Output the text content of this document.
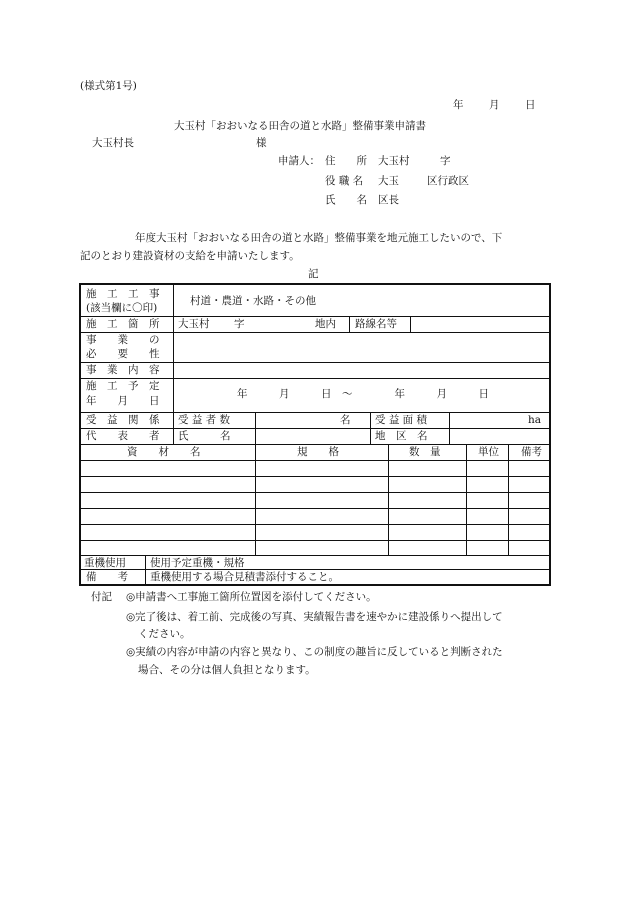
(様式第1号)
年 月 日
大玉村「おおいなる田舎の道と水路」整備事業申請書
大玉村長	様
申請人： 住　　所 大玉村	字
役 職 名 大玉	区行政区
氏　　名 区長
年度大玉村「おおいなる田舎の道と水路」整備事業を地元施工したいので、下
記のとおり建設資材の支給を申請いたします。
記
施　工　工　事
(該当欄に〇印)
村道・農道・水路・その他
施　工　箇　所 大玉村 字	地内 路線名等
事　　業　　の
必　　要　　性
事　業　内　容
施　工　予　定
年　　月　　日
年　　　月　　　日　～　　　　年　　　月　　　日
受　益　関　係 受 益 者 数	名 受 益 面 積	ha
代　　表　　者 氏　　　名	地　区　名
資　　材　　名	規　　格	数　量	単位 備考
重機使用 使用予定重機・規格
備　　考 重機使用する場合見積書添付すること。
付記 ◎申請書へ工事施工箇所位置図を添付してください。
◎完了後は、着工前、完成後の写真、実績報告書を速やかに建設係りへ提出して
ください。
◎実績の内容が申請の内容と異なり、この制度の趣旨に反していると判断された
場合、その分は個人負担となります。
